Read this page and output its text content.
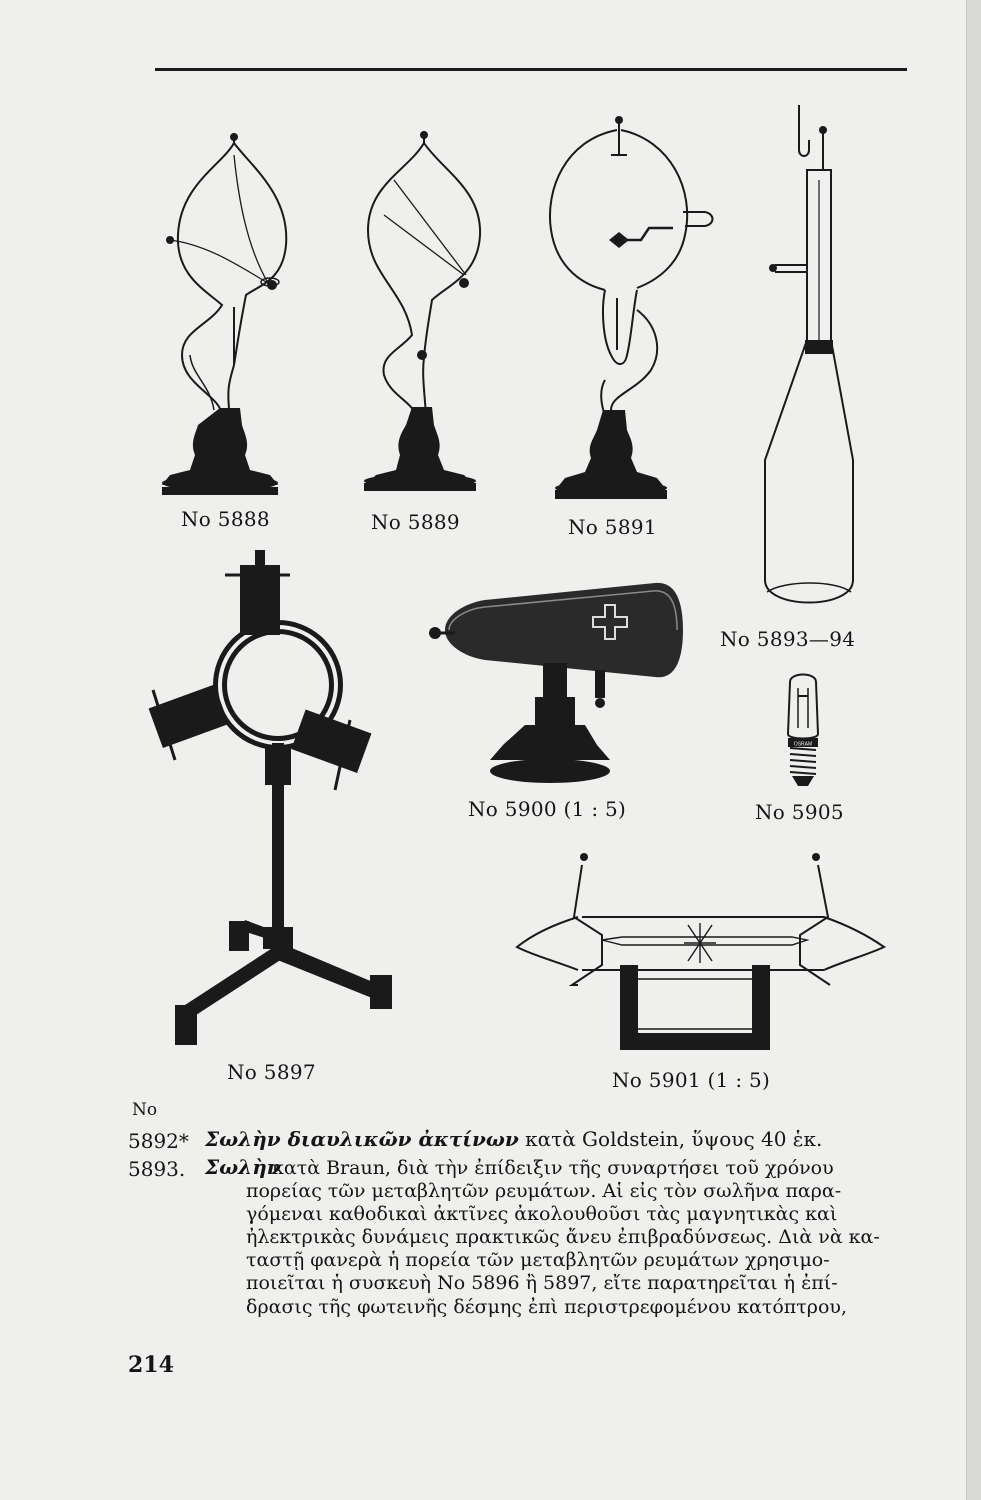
No 5888	No 5889	No 5891
No 5893—94
No 5897
No 5900 (1 : 5)
OSRAM
No 5905
No 5901 (1 : 5)
No
5892* Σωλὴν διαυλικῶν ἀκτίνων κατὰ Goldstein, ὕψους 40 ἑκ.
5893. Σωλὴν
κατὰ Braun, διὰ τὴν ἐπίδειξιν τῆς συναρτήσει τοῦ χρόνου
πορείας τῶν μεταβλητῶν ρευμάτων. Αἱ εἰς τὸν σωλῆνα παρα-
γόμεναι καθοδικαὶ ἀκτῖνες ἀκολουθοῦσι τὰς μαγνητικὰς καὶ
ἠλεκτρικὰς δυνάμεις πρακτικῶς ἄνευ ἐπιβραδύνσεως. Διὰ νὰ κα-
ταστῇ φανερὰ ἡ πορεία τῶν μεταβλητῶν ρευμάτων χρησιμο-
ποιεῖται ἡ συσκευὴ No 5896 ἢ 5897, εἴτε παρατηρεῖται ἡ ἐπί-
δρασις τῆς φωτεινῆς δέσμης ἐπὶ περιστρεφομένου κατόπτρου,
214
